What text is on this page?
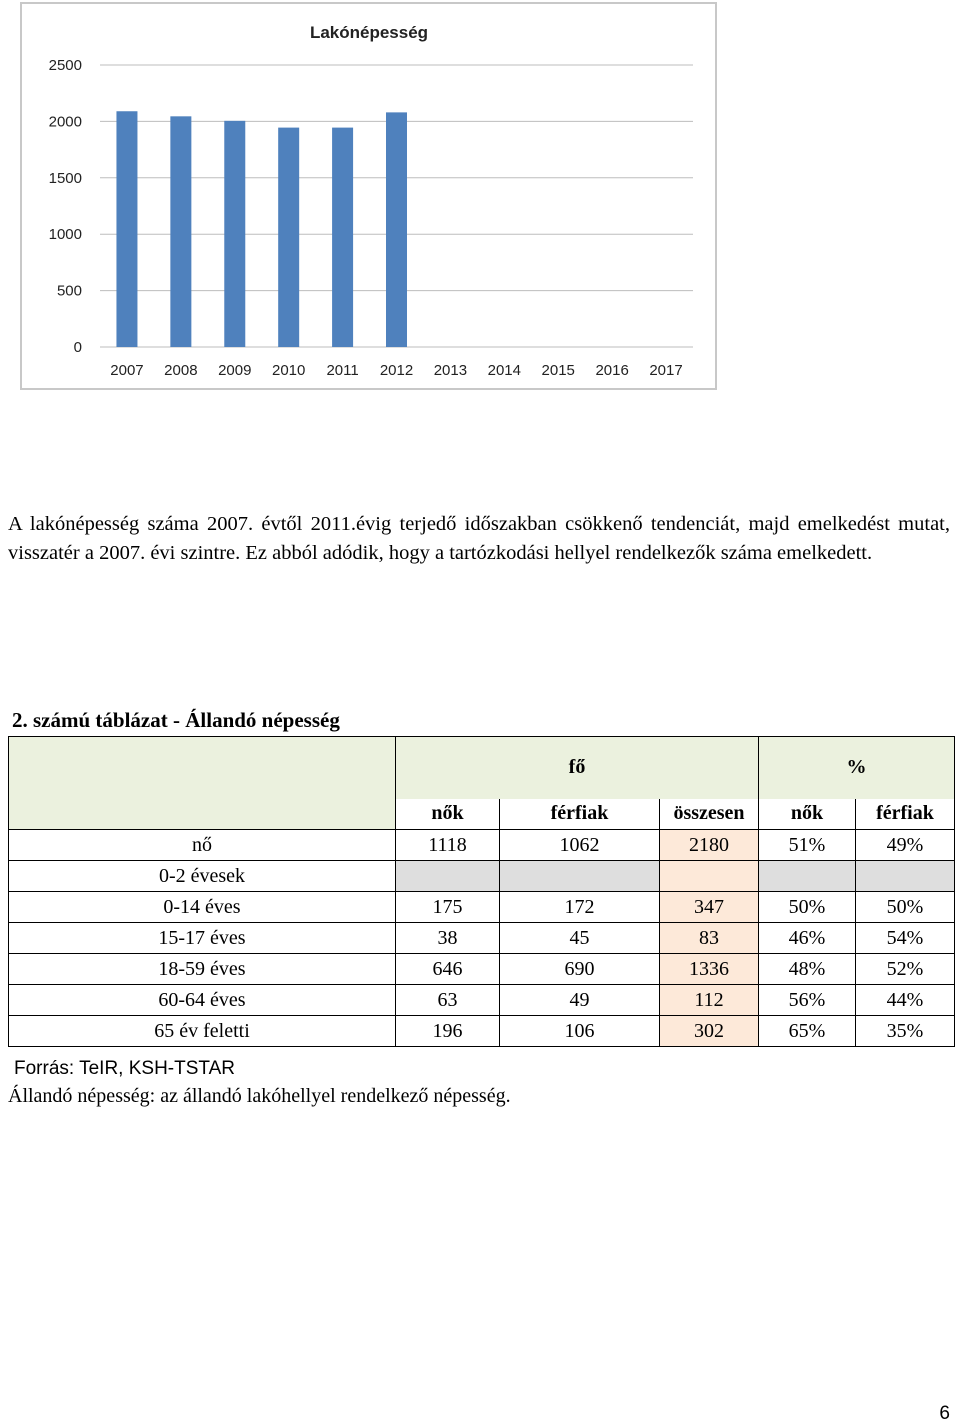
Lakónépesség
0
500
1000
1500
2000
2500
2007 2008 2009 2010 2011 2012 2013 2014 2015 2016 2017

A lakónépesség száma 2007. évtől 2011.évig terjedő időszakban csökkenő tendenciát, majd emelkedést mutat, visszatér a 2007. évi szintre. Ez abból adódik, hogy a tartózkodási hellyel rendelkezők száma emelkedett.

2. számú táblázat - Állandó népesség

	fő			%	
	nők	férfiak	összesen	nők	férfiak
nő	1118	1062	2180	51%	49%
0-2 évesek					
0-14 éves	175	172	347	50%	50%
15-17 éves	38	45	83	46%	54%
18-59 éves	646	690	1336	48%	52%
60-64 éves	63	49	112	56%	44%
65 év feletti	196	106	302	65%	35%

Forrás: TeIR, KSH-TSTAR

Állandó népesség: az állandó lakóhellyel rendelkező népesség.

6
